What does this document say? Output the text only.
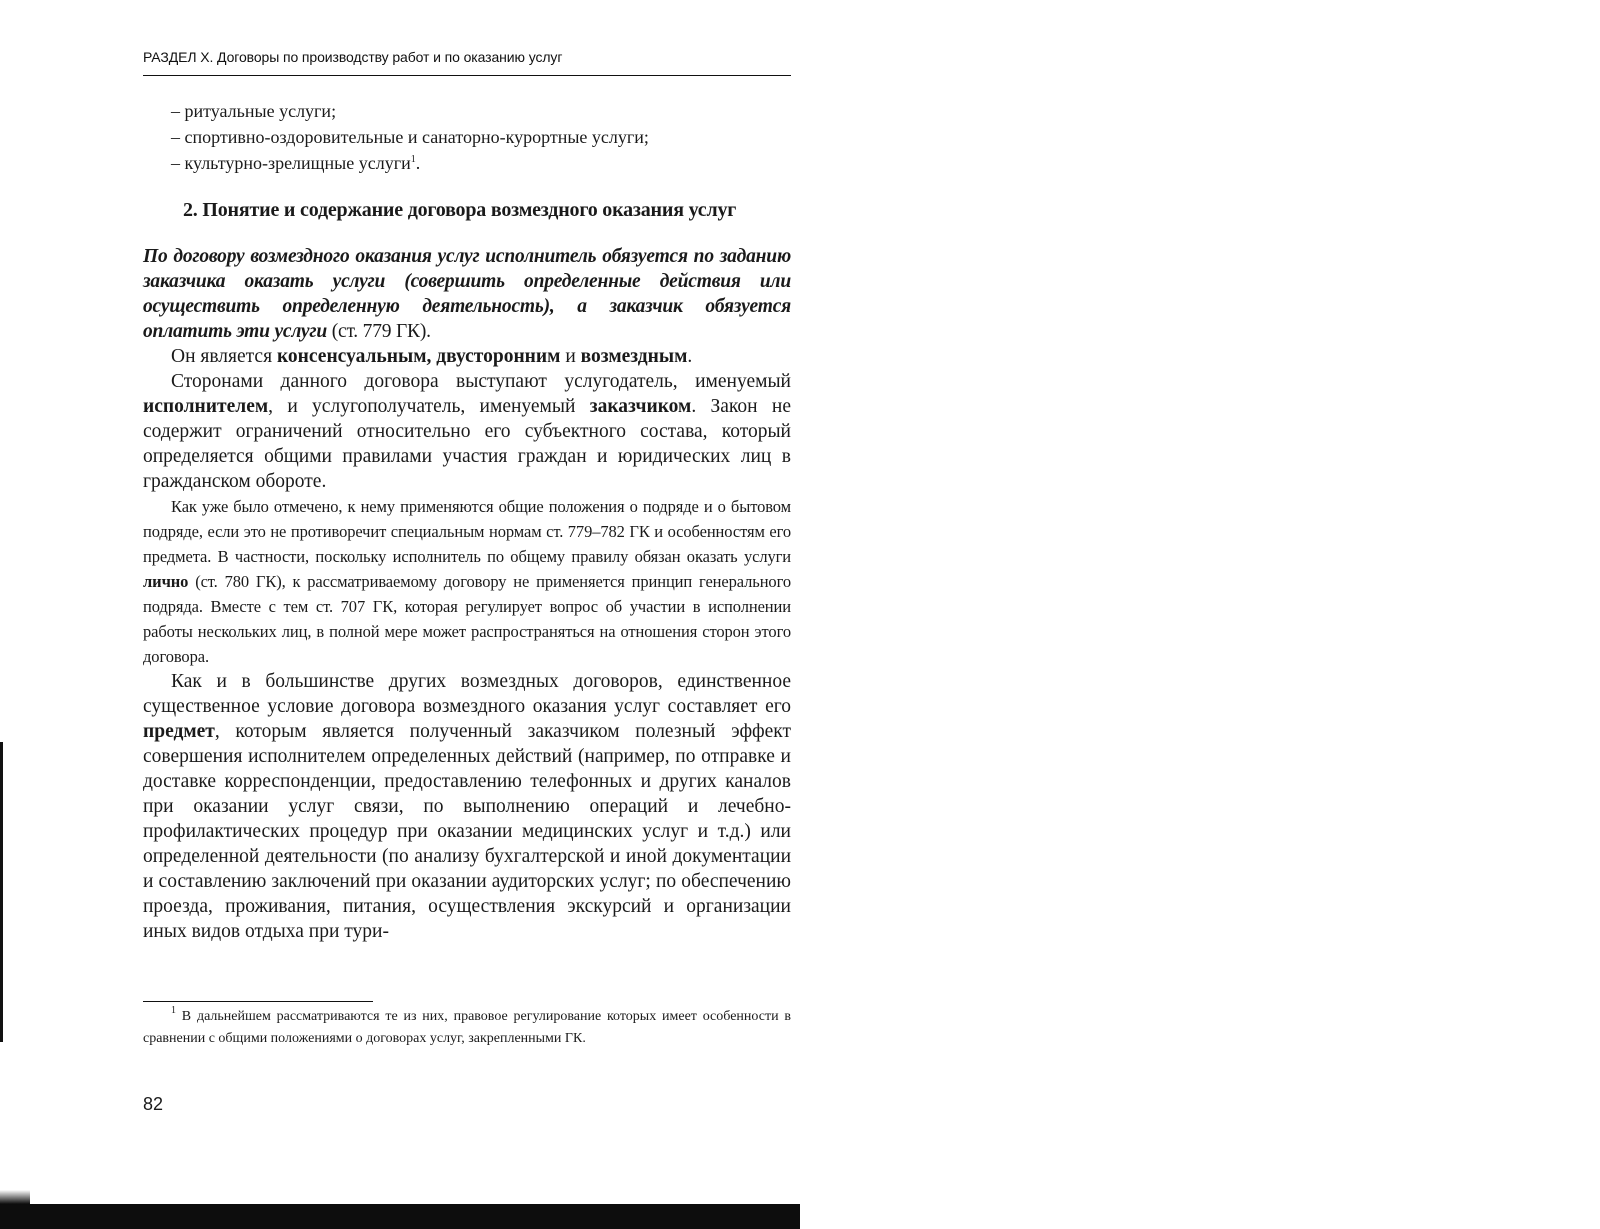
РАЗДЕЛ X. Договоры по производству работ и по оказанию услуг
– ритуальные услуги;
– спортивно-оздоровительные и санаторно-курортные услуги;
– культурно-зрелищные услуги$^1$.
2. Понятие и содержание договора возмездного оказания услуг

По договору возмездного оказания услуг исполнитель обязуется по заданию заказчика оказать услуги (совершить определенные действия или осуществить определенную деятельность), а заказчик обязуется оплатить эти услуги (ст. 779 ГК).

Он является консенсуальным, двусторонним и возмездным.

Сторонами данного договора выступают услугодатель, именуемый исполнителем, и услугополучатель, именуемый заказчиком. Закон не содержит ограничений относительно его субъектного состава, который определяется общими правилами участия граждан и юридических лиц в гражданском обороте.

Как уже было отмечено, к нему применяются общие положения о подряде и о бытовом подряде, если это не противоречит специальным нормам ст. 779–782 ГК и особенностям его предмета. В частности, поскольку исполнитель по общему правилу обязан оказать услуги лично (ст. 780 ГК), к рассматриваемому договору не применяется принцип генерального подряда. Вместе с тем ст. 707 ГК, которая регулирует вопрос об участии в исполнении работы нескольких лиц, в полной мере может распространяться на отношения сторон этого договора.

Как и в большинстве других возмездных договоров, единственное существенное условие договора возмездного оказания услуг составляет его предмет, которым является полученный заказчиком полезный эффект совершения исполнителем определенных действий (например, по отправке и доставке корреспонденции, предоставлению телефонных и других каналов при оказании услуг связи, по выполнению операций и лечебно-профилактических процедур при оказании медицинских услуг и т.д.) или определенной деятельности (по анализу бухгалтерской и иной документации и составлению заключений при оказании аудиторских услуг; по обеспечению проезда, проживания, питания, осуществления экскурсий и организации иных видов отдыха при тури-

$^1$ В дальнейшем рассматриваются те из них, правовое регулирование которых имеет особенности в сравнении с общими положениями о договорах услуг, закрепленными ГК.

82
